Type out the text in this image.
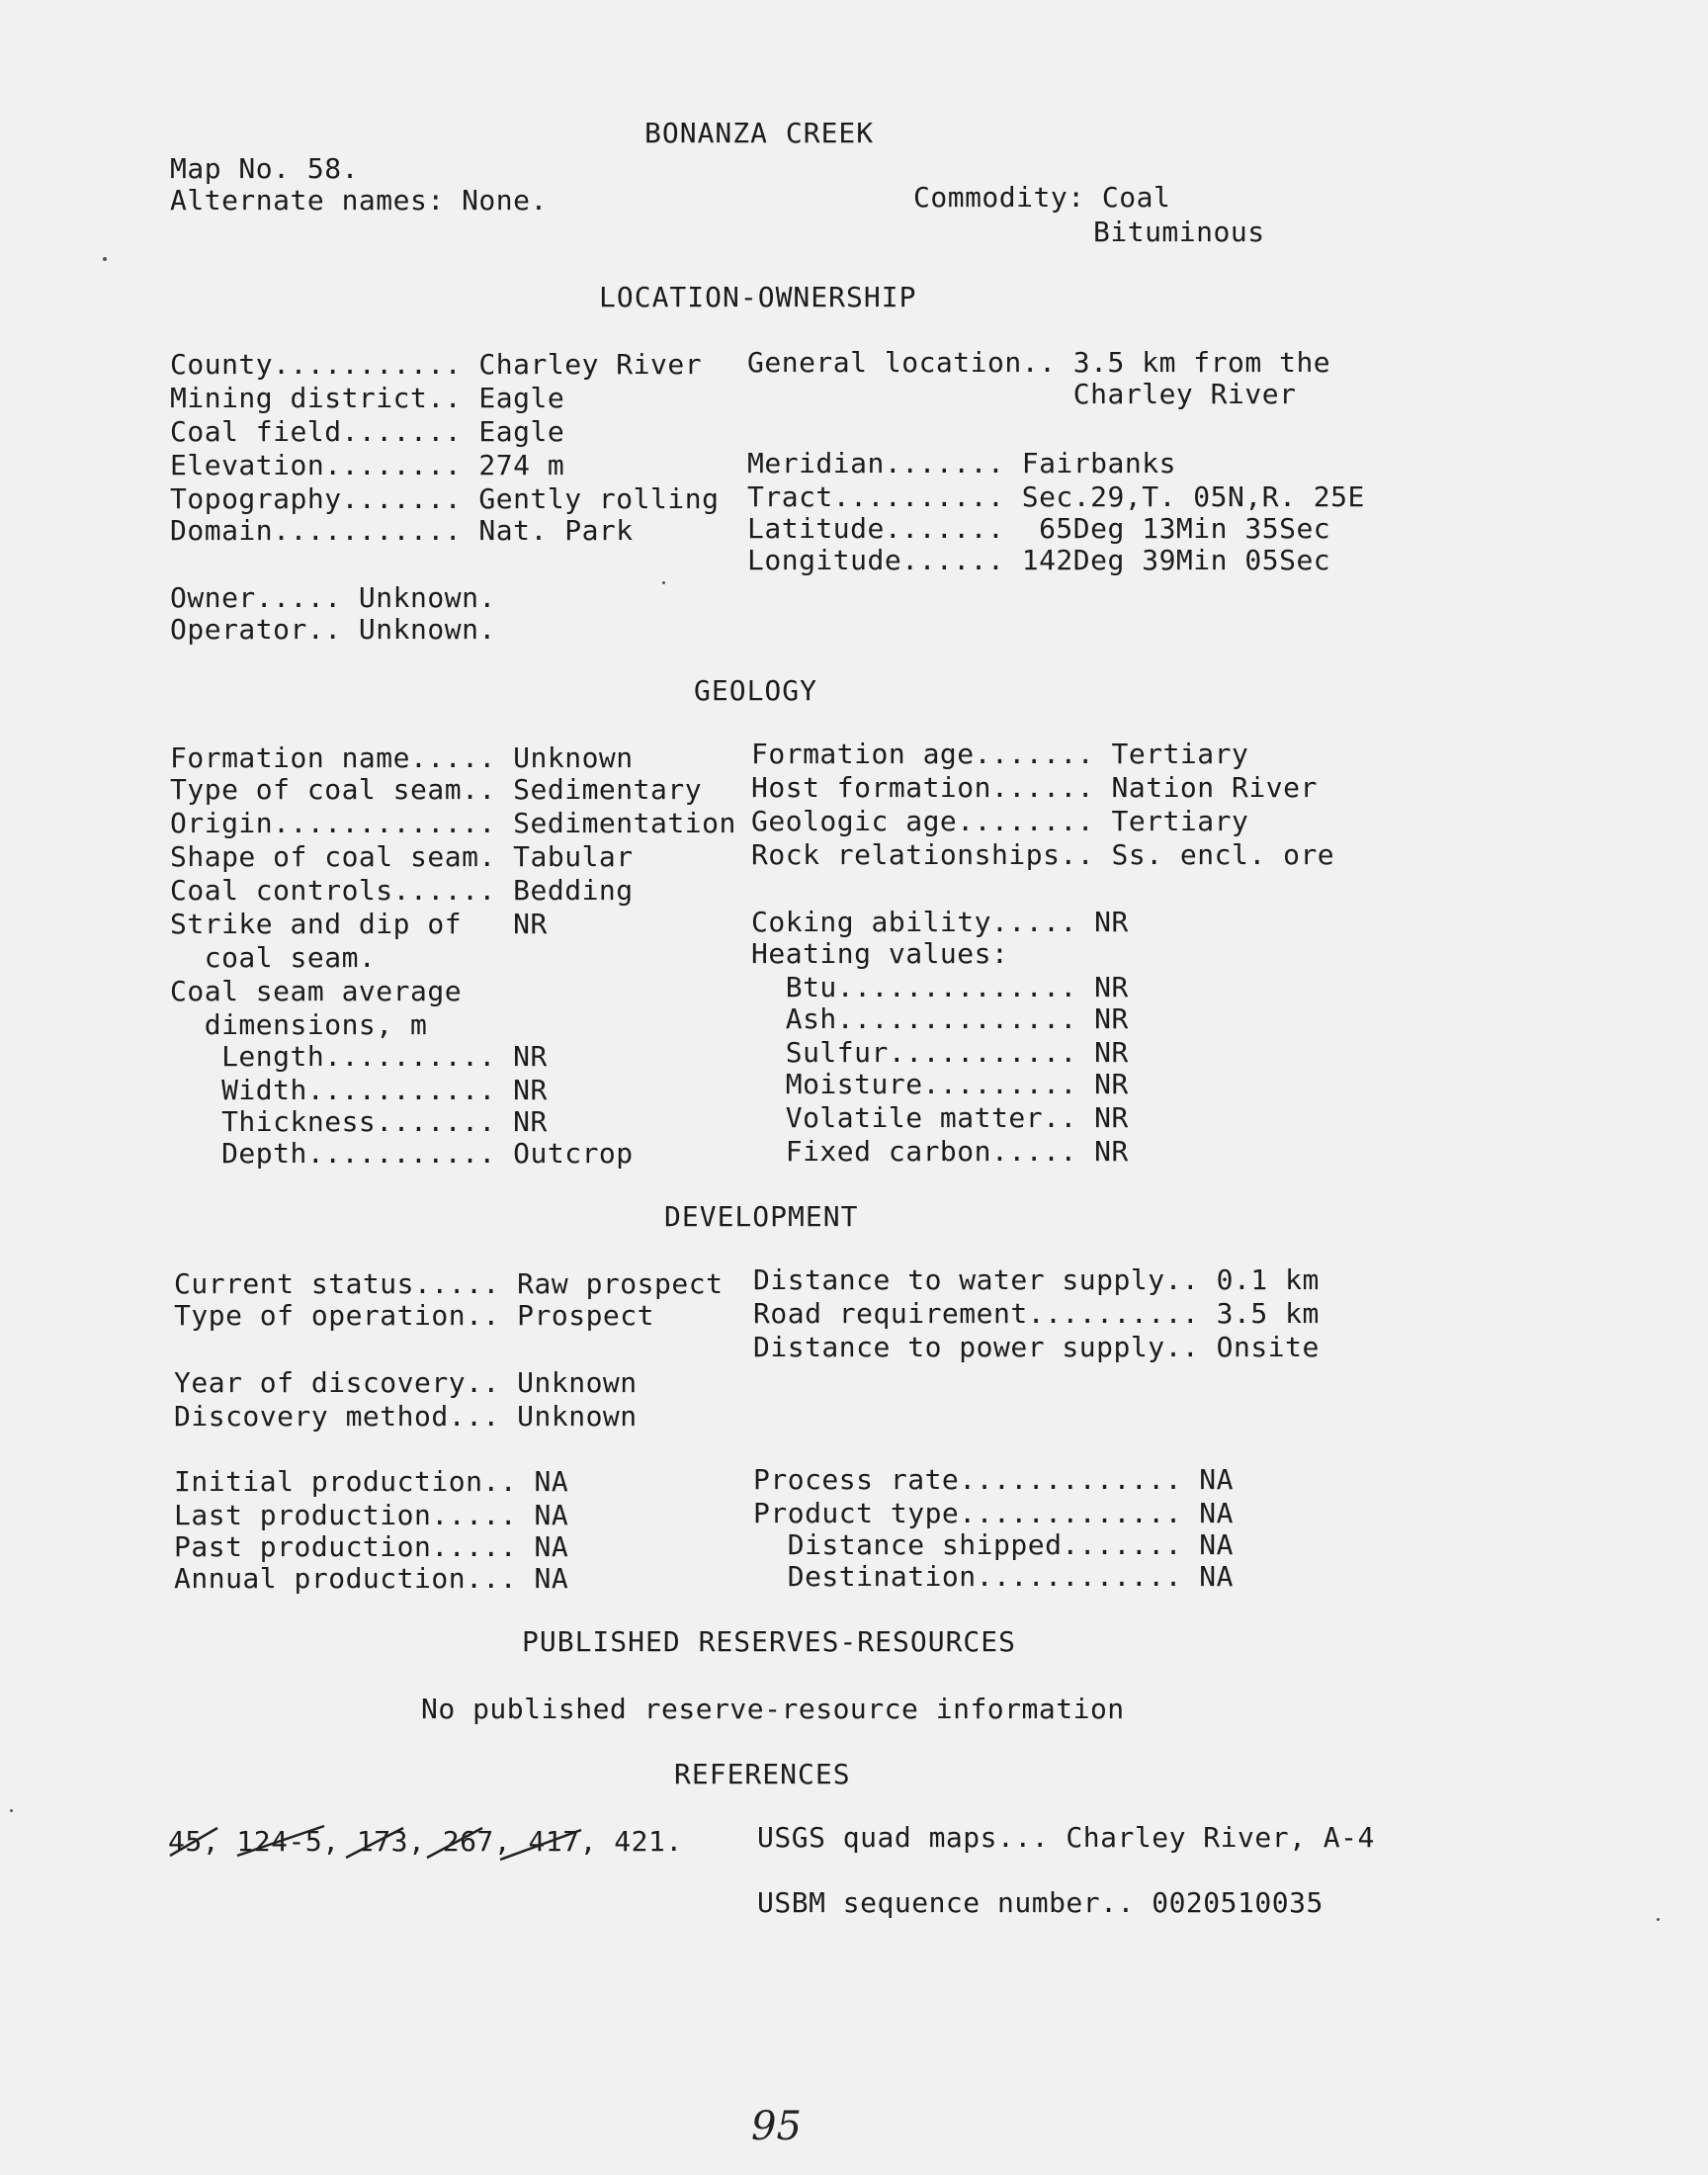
BONANZA CREEK
Map No. 58.
Alternate names: None.	Commodity: Coal
Bituminous
LOCATION-OWNERSHIP
County........... Charley River
Mining district.. Eagle
Coal field....... Eagle
Elevation........ 274 m
Topography....... Gently rolling
Domain........... Nat. Park
General location.. 3.5 km from the
Charley River
Meridian....... Fairbanks
Tract.......... Sec.29,T. 05N,R. 25E
Latitude.......  65Deg 13Min 35Sec
Longitude...... 142Deg 39Min 05Sec
Owner..... Unknown.
Operator.. Unknown.
GEOLOGY
Formation name..... Unknown
Type of coal seam.. Sedimentary
Origin............. Sedimentation
Shape of coal seam. Tabular
Coal controls...... Bedding
Strike and dip of   NR
coal seam.
Coal seam average
dimensions, m
Length.......... NR
Width........... NR
Thickness....... NR
Depth........... Outcrop
Formation age....... Tertiary
Host formation...... Nation River
Geologic age........ Tertiary
Rock relationships.. Ss. encl. ore
Coking ability..... NR
Heating values:
Btu.............. NR
Ash.............. NR
Sulfur........... NR
Moisture......... NR
Volatile matter.. NR
Fixed carbon..... NR
DEVELOPMENT
Current status..... Raw prospect
Type of operation.. Prospect
Year of discovery.. Unknown
Discovery method... Unknown
Distance to water supply.. 0.1 km
Road requirement.......... 3.5 km
Distance to power supply.. Onsite
Initial production.. NA
Last production..... NA
Past production..... NA
Annual production... NA
Process rate............. NA
Product type............. NA
Distance shipped....... NA
Destination............ NA
PUBLISHED RESERVES-RESOURCES
No published reserve-resource information
REFERENCES
45, 124-5, 173, 267, 417, 421.	USGS quad maps... Charley River, A-4
USBM sequence number.. 0020510035
95
